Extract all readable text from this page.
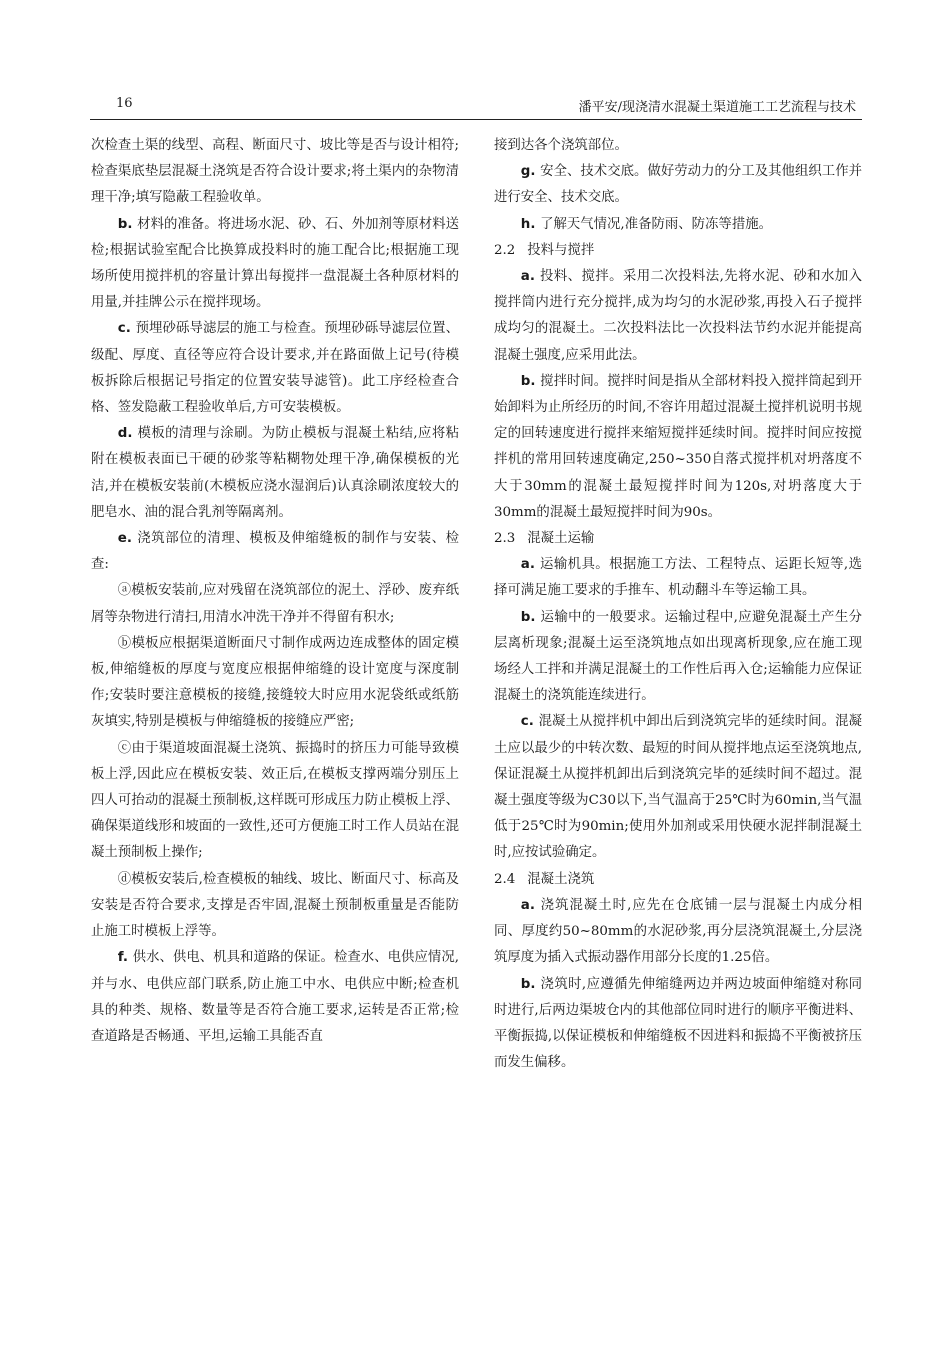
16	潘平安/现浇清水混凝土渠道施工工艺流程与技术

次检查土渠的线型、高程、断面尺寸、坡比等是否与设计相符;检查渠底垫层混凝土浇筑是否符合设计要求;将土渠内的杂物清理干净;填写隐蔽工程验收单。

b. 材料的准备。将进场水泥、砂、石、外加剂等原材料送检;根据试验室配合比换算成投料时的施工配合比;根据施工现场所使用搅拌机的容量计算出每搅拌一盘混凝土各种原材料的用量,并挂牌公示在搅拌现场。

c. 预埋砂砾导滤层的施工与检查。预埋砂砾导滤层位置、级配、厚度、直径等应符合设计要求,并在路面做上记号(待模板拆除后根据记号指定的位置安装导滤管)。此工序经检查合格、签发隐蔽工程验收单后,方可安装模板。

d. 模板的清理与涂刷。为防止模板与混凝土粘结,应将粘附在模板表面已干硬的砂浆等粘糊物处理干净,确保模板的光洁,并在模板安装前(木模板应浇水湿润后)认真涂刷浓度较大的肥皂水、油的混合乳剂等隔离剂。

e. 浇筑部位的清理、模板及伸缩缝板的制作与安装、检查:

ⓐ模板安装前,应对残留在浇筑部位的泥土、浮砂、废弃纸屑等杂物进行清扫,用清水冲洗干净并不得留有积水;

ⓑ模板应根据渠道断面尺寸制作成两边连成整体的固定模板,伸缩缝板的厚度与宽度应根据伸缩缝的设计宽度与深度制作;安装时要注意模板的接缝,接缝较大时应用水泥袋纸或纸筋灰填实,特别是模板与伸缩缝板的接缝应严密;

ⓒ由于渠道坡面混凝土浇筑、振捣时的挤压力可能导致模板上浮,因此应在模板安装、效正后,在模板支撑两端分别压上四人可抬动的混凝土预制板,这样既可形成压力防止模板上浮、确保渠道线形和坡面的一致性,还可方便施工时工作人员站在混凝土预制板上操作;

ⓓ模板安装后,检查模板的轴线、坡比、断面尺寸、标高及安装是否符合要求,支撑是否牢固,混凝土预制板重量是否能防止施工时模板上浮等。

f. 供水、供电、机具和道路的保证。检查水、电供应情况,并与水、电供应部门联系,防止施工中水、电供应中断;检查机具的种类、规格、数量等是否符合施工要求,运转是否正常;检查道路是否畅通、平坦,运输工具能否直

接到达各个浇筑部位。

g. 安全、技术交底。做好劳动力的分工及其他组织工作并进行安全、技术交底。

h. 了解天气情况,准备防雨、防冻等措施。

2.2 投料与搅拌

a. 投料、搅拌。采用二次投料法,先将水泥、砂和水加入搅拌筒内进行充分搅拌,成为均匀的水泥砂浆,再投入石子搅拌成均匀的混凝土。二次投料法比一次投料法节约水泥并能提高混凝土强度,应采用此法。

b. 搅拌时间。搅拌时间是指从全部材料投入搅拌筒起到开始卸料为止所经历的时间,不容许用超过混凝土搅拌机说明书规定的回转速度进行搅拌来缩短搅拌延续时间。搅拌时间应按搅拌机的常用回转速度确定,250~350自落式搅拌机对坍落度不大于30mm的混凝土最短搅拌时间为120s,对坍落度大于30mm的混凝土最短搅拌时间为90s。

2.3 混凝土运输

a. 运输机具。根据施工方法、工程特点、运距长短等,选择可满足施工要求的手推车、机动翻斗车等运输工具。

b. 运输中的一般要求。运输过程中,应避免混凝土产生分层离析现象;混凝土运至浇筑地点如出现离析现象,应在施工现场经人工拌和并满足混凝土的工作性后再入仓;运输能力应保证混凝土的浇筑能连续进行。

c. 混凝土从搅拌机中卸出后到浇筑完毕的延续时间。混凝土应以最少的中转次数、最短的时间从搅拌地点运至浇筑地点,保证混凝土从搅拌机卸出后到浇筑完毕的延续时间不超过。混凝土强度等级为C30以下,当气温高于25℃时为60min,当气温低于25℃时为90min;使用外加剂或采用快硬水泥拌制混凝土时,应按试验确定。

2.4 混凝土浇筑

a. 浇筑混凝土时,应先在仓底铺一层与混凝土内成分相同、厚度约50~80mm的水泥砂浆,再分层浇筑混凝土,分层浇筑厚度为插入式振动器作用部分长度的1.25倍。

b. 浇筑时,应遵循先伸缩缝两边并两边坡面伸缩缝对称同时进行,后两边渠坡仓内的其他部位同时进行的顺序平衡进料、平衡振捣,以保证模板和伸缩缝板不因进料和振捣不平衡被挤压而发生偏移。
